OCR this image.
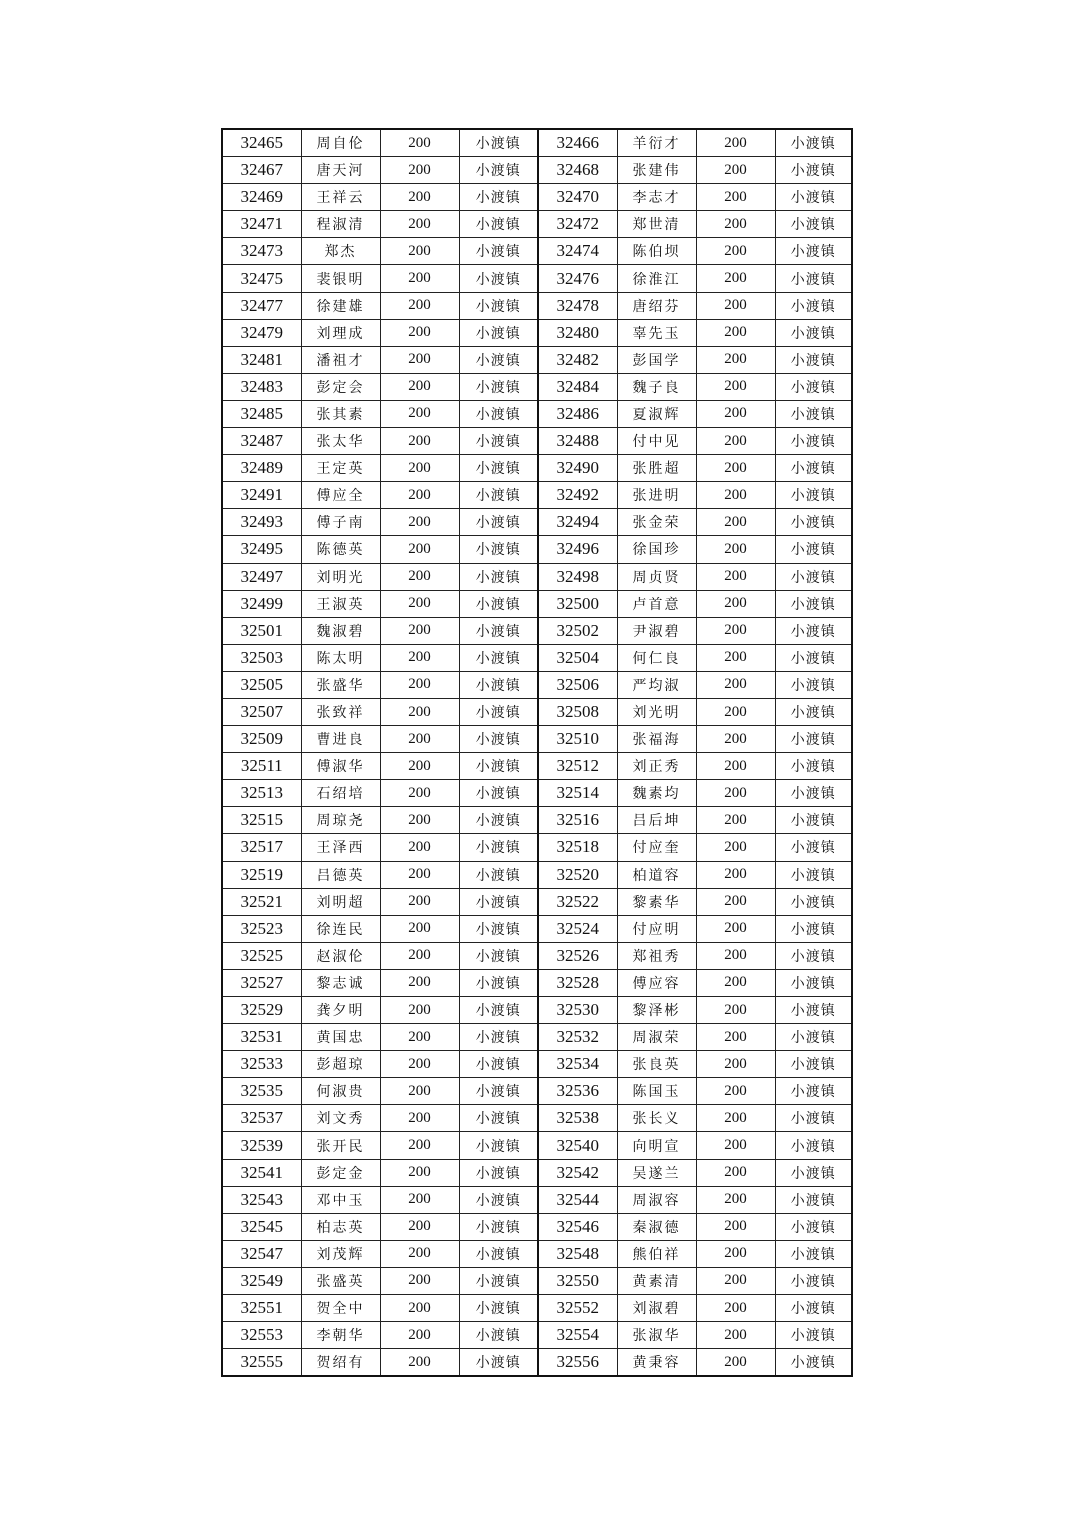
32465	周自伦	200	小渡镇	32466	羊衍才	200	小渡镇
32467	唐天河	200	小渡镇	32468	张建伟	200	小渡镇
32469	王祥云	200	小渡镇	32470	李志才	200	小渡镇
32471	程淑清	200	小渡镇	32472	郑世清	200	小渡镇
32473	郑杰	200	小渡镇	32474	陈伯坝	200	小渡镇
32475	裴银明	200	小渡镇	32476	徐淮江	200	小渡镇
32477	徐建雄	200	小渡镇	32478	唐绍芬	200	小渡镇
32479	刘理成	200	小渡镇	32480	辜先玉	200	小渡镇
32481	潘祖才	200	小渡镇	32482	彭国学	200	小渡镇
32483	彭定会	200	小渡镇	32484	魏子良	200	小渡镇
32485	张其素	200	小渡镇	32486	夏淑辉	200	小渡镇
32487	张太华	200	小渡镇	32488	付中见	200	小渡镇
32489	王定英	200	小渡镇	32490	张胜超	200	小渡镇
32491	傅应全	200	小渡镇	32492	张进明	200	小渡镇
32493	傅子南	200	小渡镇	32494	张金荣	200	小渡镇
32495	陈德英	200	小渡镇	32496	徐国珍	200	小渡镇
32497	刘明光	200	小渡镇	32498	周贞贤	200	小渡镇
32499	王淑英	200	小渡镇	32500	卢首意	200	小渡镇
32501	魏淑碧	200	小渡镇	32502	尹淑碧	200	小渡镇
32503	陈太明	200	小渡镇	32504	何仁良	200	小渡镇
32505	张盛华	200	小渡镇	32506	严均淑	200	小渡镇
32507	张致祥	200	小渡镇	32508	刘光明	200	小渡镇
32509	曹进良	200	小渡镇	32510	张福海	200	小渡镇
32511	傅淑华	200	小渡镇	32512	刘正秀	200	小渡镇
32513	石绍培	200	小渡镇	32514	魏素均	200	小渡镇
32515	周琼尧	200	小渡镇	32516	吕后坤	200	小渡镇
32517	王泽西	200	小渡镇	32518	付应奎	200	小渡镇
32519	吕德英	200	小渡镇	32520	柏道容	200	小渡镇
32521	刘明超	200	小渡镇	32522	黎素华	200	小渡镇
32523	徐连民	200	小渡镇	32524	付应明	200	小渡镇
32525	赵淑伦	200	小渡镇	32526	郑祖秀	200	小渡镇
32527	黎志诚	200	小渡镇	32528	傅应容	200	小渡镇
32529	龚夕明	200	小渡镇	32530	黎泽彬	200	小渡镇
32531	黄国忠	200	小渡镇	32532	周淑荣	200	小渡镇
32533	彭超琼	200	小渡镇	32534	张良英	200	小渡镇
32535	何淑贵	200	小渡镇	32536	陈国玉	200	小渡镇
32537	刘文秀	200	小渡镇	32538	张长义	200	小渡镇
32539	张开民	200	小渡镇	32540	向明宣	200	小渡镇
32541	彭定金	200	小渡镇	32542	吴遂兰	200	小渡镇
32543	邓中玉	200	小渡镇	32544	周淑容	200	小渡镇
32545	柏志英	200	小渡镇	32546	秦淑德	200	小渡镇
32547	刘茂辉	200	小渡镇	32548	熊伯祥	200	小渡镇
32549	张盛英	200	小渡镇	32550	黄素清	200	小渡镇
32551	贺全中	200	小渡镇	32552	刘淑碧	200	小渡镇
32553	李朝华	200	小渡镇	32554	张淑华	200	小渡镇
32555	贺绍有	200	小渡镇	32556	黄秉容	200	小渡镇
